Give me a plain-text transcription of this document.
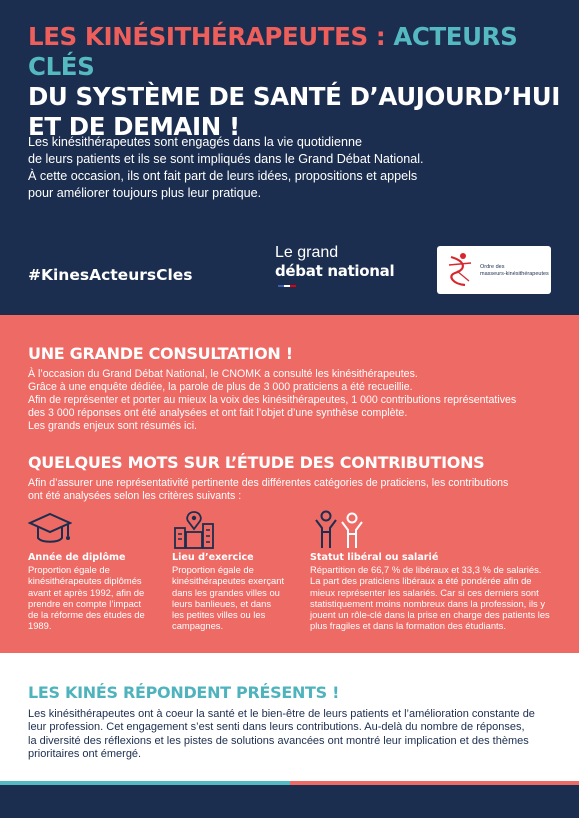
LES KINÉSITHÉRAPEUTES : ACTEURS CLÉS
DU SYSTÈME DE SANTÉ D’AUJOURD’HUI
ET DE DEMAIN !

Les kinésithérapeutes sont engagés dans la vie quotidienne

de leurs patients et ils se sont impliqués dans le Grand Débat National.

À cette occasion, ils ont fait part de leurs idées, propositions et appels

pour améliorer toujours plus leur pratique.

#KinesActeursCles
Le grand
débat national	Ordre des
masseurs-kinésithérapeutes
UNE GRANDE CONSULTATION !

À l’occasion du Grand Débat National, le CNOMK a consulté les kinésithérapeutes.

Grâce à une enquête dédiée, la parole de plus de 3 000 praticiens a été recueillie.

Afin de représenter et porter au mieux la voix des kinésithérapeutes, 1 000 contributions représentatives

des 3 000 réponses ont été analysées et ont fait l’objet d’une synthèse complète.

Les grands enjeux sont résumés ici.

QUELQUES MOTS SUR L’ÉTUDE DES CONTRIBUTIONS

Afin d’assurer une représentativité pertinente des différentes catégories de praticiens, les contributions

ont été analysées selon les critères suivants :

Année de diplôme
Proportion égale de
kinésithérapeutes diplômés
avant et après 1992, afin de
prendre en compte l’impact
de la réforme des études de
1989.
Lieu d’exercice
Proportion égale de
kinésithérapeutes exerçant
dans les grandes villes ou
leurs banlieues, et dans
les petites villes ou les
campagnes.
Statut libéral ou salarié
Répartition de 66,7 % de libéraux et 33,3 % de salariés.
La part des praticiens libéraux a été pondérée afin de
mieux représenter les salariés. Car si ces derniers sont
statistiquement moins nombreux dans la profession, ils y
jouent un rôle-clé dans la prise en charge des patients les
plus fragiles et dans la formation des étudiants.
LES KINÉS RÉPONDENT PRÉSENTS !

Les kinésithérapeutes ont à coeur la santé et le bien-être de leurs patients et l’amélioration constante de

leur profession. Cet engagement s’est senti dans leurs contributions. Au-delà du nombre de réponses,

la diversité des réflexions et les pistes de solutions avancées ont montré leur implication et des thèmes

prioritaires ont émergé.
